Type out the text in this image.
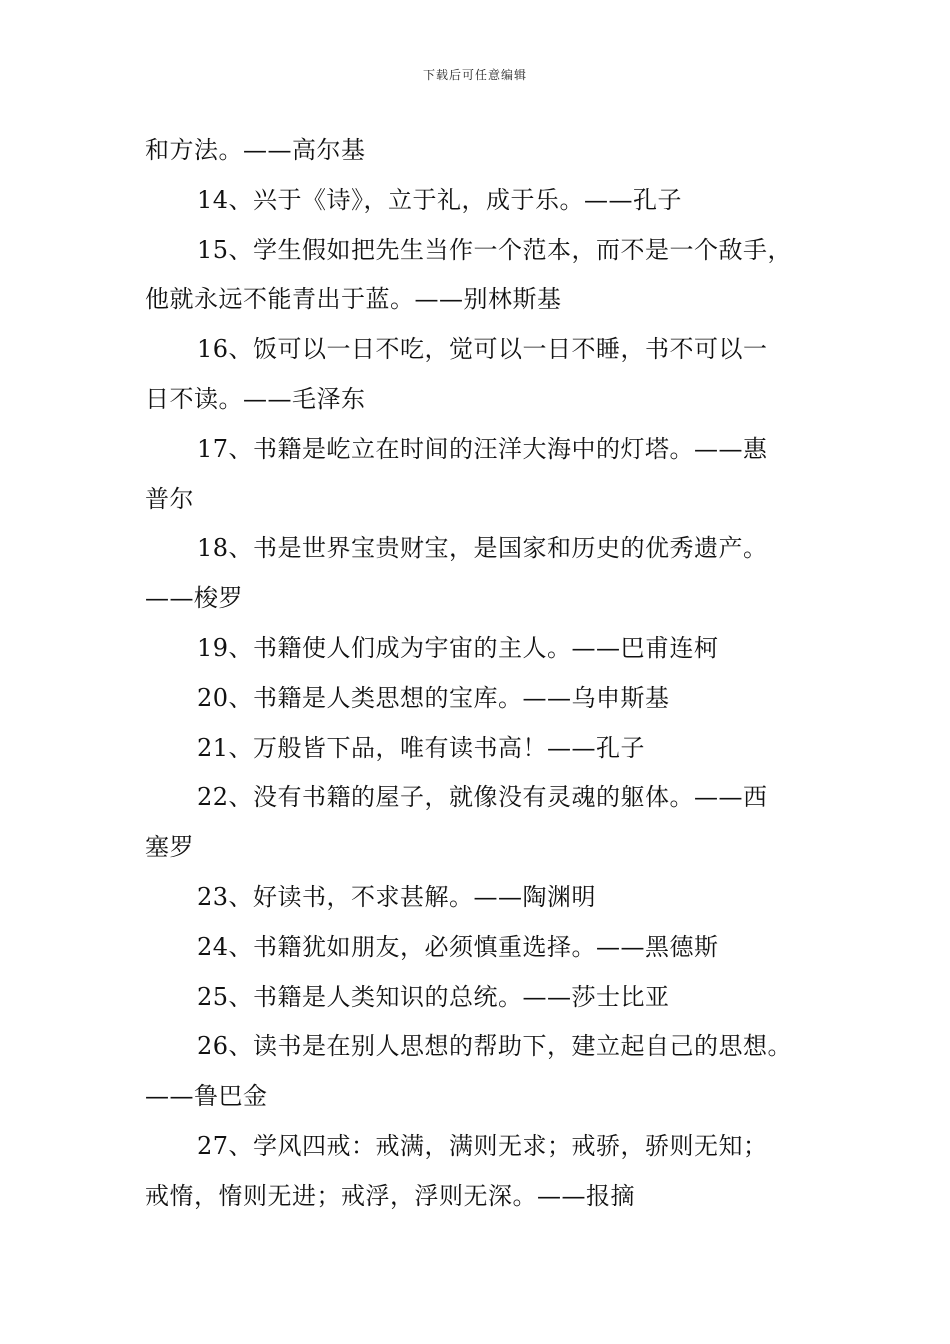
下载后可任意编辑

和方法。——高尔基

14、兴于《诗》，立于礼，成于乐。——孔子

15、学生假如把先生当作一个范本，而不是一个敌手，
他就永远不能青出于蓝。——别林斯基

16、饭可以一日不吃，觉可以一日不睡，书不可以一
日不读。——毛泽东

17、书籍是屹立在时间的汪洋大海中的灯塔。——惠
普尔

18、书是世界宝贵财宝，是国家和历史的优秀遗产。
——梭罗

19、书籍使人们成为宇宙的主人。——巴甫连柯

20、书籍是人类思想的宝库。——乌申斯基

21、万般皆下品，唯有读书高！——孔子

22、没有书籍的屋子，就像没有灵魂的躯体。——西
塞罗

23、好读书，不求甚解。——陶渊明

24、书籍犹如朋友，必须慎重选择。——黑德斯

25、书籍是人类知识的总统。——莎士比亚

26、读书是在别人思想的帮助下，建立起自己的思想。
——鲁巴金

27、学风四戒：戒满，满则无求；戒骄，骄则无知；
戒惰，惰则无进；戒浮，浮则无深。——报摘
